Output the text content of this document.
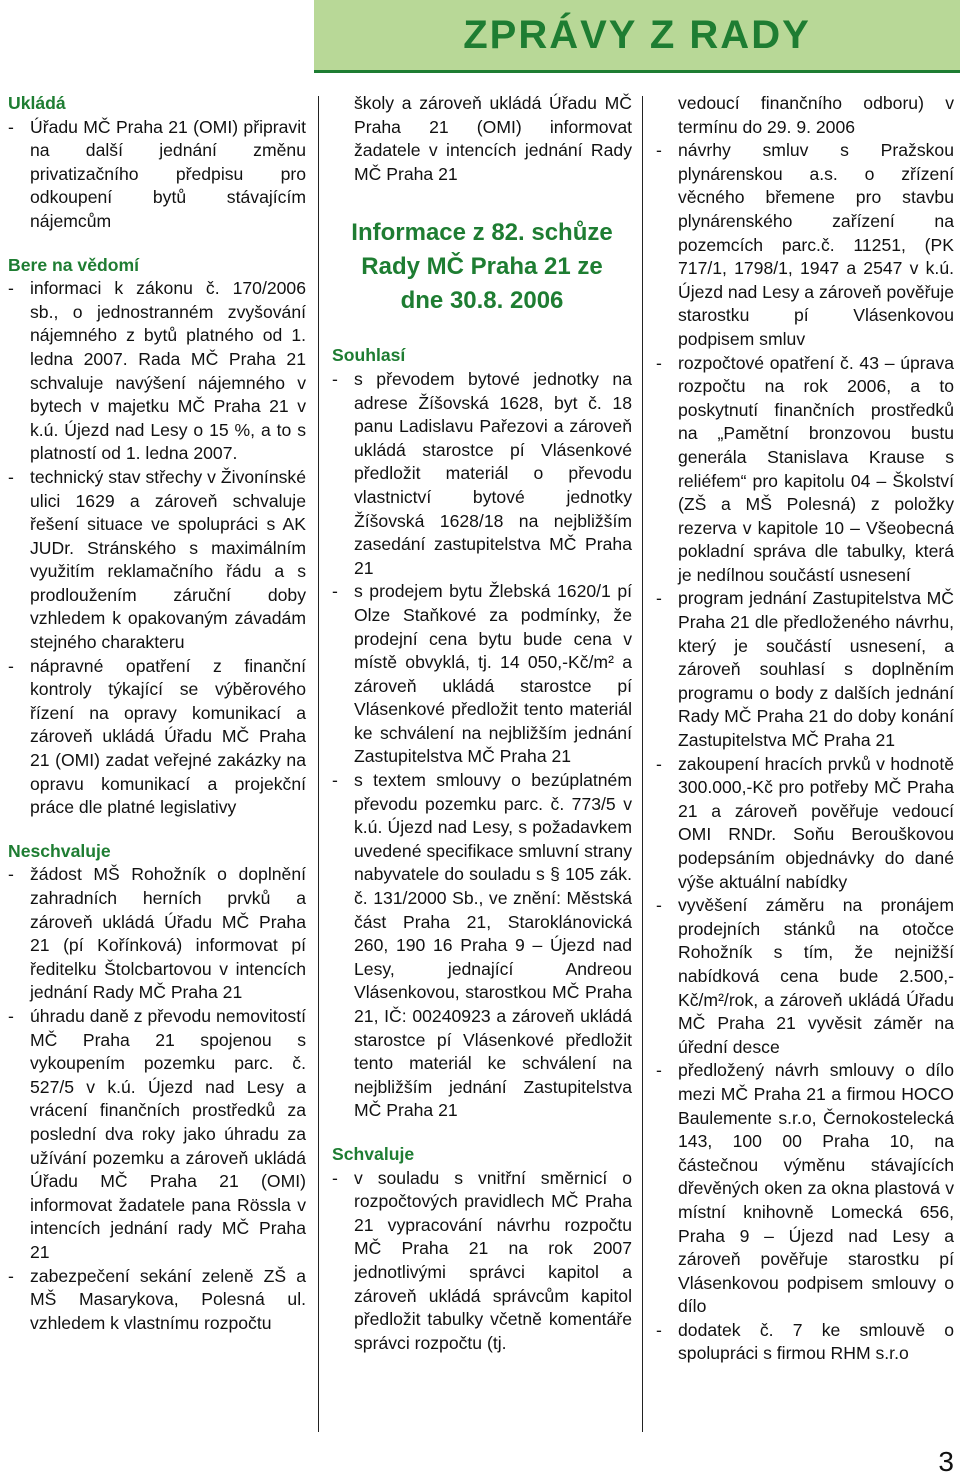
ZPRÁVY Z RADY

Ukládá

- Úřadu MČ Praha 21 (OMI) připravit na další jednání změnu privatizačního předpisu pro odkoupení bytů stávajícím nájemcům

Bere na vědomí

- informaci k zákonu č. 170/2006 sb., o jednostranném zvyšování nájemného z bytů platného od 1. ledna 2007. Rada MČ Praha 21 schvaluje navýšení nájemného v bytech v majetku MČ Praha 21 v k.ú. Újezd nad Lesy o 15 %, a to s platností od 1. ledna 2007.

- technický stav střechy v Živonínské ulici 1629 a zároveň schvaluje řešení situace ve spolupráci s AK JUDr. Stránského s maximálním využitím reklamačního řádu a s prodloužením záruční doby vzhledem k opakovaným závadám stejného charakteru

- nápravné opatření z finanční kontroly týkající se výběrového řízení na opravy komunikací a zároveň ukládá Úřadu MČ Praha 21 (OMI) zadat veřejné zakázky na opravu komunikací a projekční práce dle platné legislativy

Neschvaluje

- žádost MŠ Rohožník o doplnění zahradních herních prvků a zároveň ukládá Úřadu MČ Praha 21 (pí Kořínková) informovat pí ředitelku Štolcbartovou v intencích jednání Rady MČ Praha 21

- úhradu daně z převodu nemovitostí MČ Praha 21 spojenou s vykoupením pozemku parc. č. 527/5 v k.ú. Újezd nad Lesy a vrácení finančních prostředků za poslední dva roky jako úhradu za užívání pozemku a zároveň ukládá Úřadu MČ Praha 21 (OMI) informovat žadatele pana Rössla v intencích jednání rady MČ Praha 21

- zabezpečení sekání zeleně ZŠ a MŠ Masarykova, Polesná ul. vzhledem k vlastnímu rozpočtu

školy a zároveň ukládá Úřadu MČ Praha 21 (OMI) informovat žadatele v intencích jednání Rady MČ Praha 21

Informace z 82. schůze
Rady MČ Praha 21 ze
dne 30.8. 2006

Souhlasí

- s převodem bytové jednotky na adrese Žíšovská 1628, byt č. 18 panu Ladislavu Pařezovi a zároveň ukládá starostce pí Vlásenkové předložit materiál o převodu vlastnictví bytové jednotky Žíšovská 1628/18 na nejbližším zasedání zastupitelstva MČ Praha 21

- s prodejem bytu Žlebská 1620/1 pí Olze Staňkové za podmínky, že prodejní cena bytu bude cena v místě obvyklá, tj. 14 050,-Kč/m² a zároveň ukládá starostce pí Vlásenkové předložit tento materiál ke schválení na nejbližším jednání Zastupitelstva MČ Praha 21

- s textem smlouvy o bezúplatném převodu pozemku parc. č. 773/5 v k.ú. Újezd nad Lesy, s požadavkem uvedené specifikace smluvní strany nabyvatele do souladu s § 105 zák. č. 131/2000 Sb., ve znění: Městská část Praha 21, Staroklánovická 260, 190 16 Praha 9 – Újezd nad Lesy, jednající Andreou Vlásenkovou, starostkou MČ Praha 21, IČ: 00240923 a zároveň ukládá starostce pí Vlásenkové předložit tento materiál ke schválení na nejbližším jednání Zastupitelstva MČ Praha 21

Schvaluje

- v souladu s vnitřní směrnicí o rozpočtových pravidlech MČ Praha 21 vypracování návrhu rozpočtu MČ Praha 21 na rok 2007 jednotlivými správci kapitol a zároveň ukládá správcům kapitol předložit tabulky včetně komentáře správci rozpočtu (tj.

vedoucí finančního odboru) v termínu do 29. 9. 2006

- návrhy smluv s Pražskou plynárenskou a.s. o zřízení věcného břemene pro stavbu plynárenského zařízení na pozemcích parc.č. 11251, (PK 717/1, 1798/1, 1947 a 2547 v k.ú. Újezd nad Lesy a zároveň pověřuje starostku pí Vlásenkovou podpisem smluv

- rozpočtové opatření č. 43 – úprava rozpočtu na rok 2006, a to poskytnutí finančních prostředků na „Pamětní bronzovou bustu generála Stanislava Krause s reliéfem“ pro kapitolu 04 – Školství (ZŠ a MŠ Polesná) z položky rezerva v kapitole 10 – Všeobecná pokladní správa dle tabulky, která je nedílnou součástí usnesení

- program jednání Zastupitelstva MČ Praha 21 dle předloženého návrhu, který je součástí usnesení, a zároveň souhlasí s doplněním programu o body z dalších jednání Rady MČ Praha 21 do doby konání Zastupitelstva MČ Praha 21

- zakoupení hracích prvků v hodnotě 300.000,-Kč pro potřeby MČ Praha 21 a zároveň pověřuje vedoucí OMI RNDr. Soňu Berouškovou podepsáním objednávky do dané výše aktuální nabídky

- vyvěšení záměru na pronájem prodejních stánků na otočce Rohožník s tím, že nejnižší nabídková cena bude 2.500,-Kč/m²/rok, a zároveň ukládá Úřadu MČ Praha 21 vyvěsit záměr na úřední desce

- předložený návrh smlouvy o dílo mezi MČ Praha 21 a firmou HOCO Baulemente s.r.o, Černokostelecká 143, 100 00 Praha 10, na částečnou výměnu stávajících dřevěných oken za okna plastová v místní knihovně Lomecká 656, Praha 9 – Újezd nad Lesy a zároveň pověřuje starostku pí Vlásenkovou podpisem smlouvy o dílo

- dodatek č. 7 ke smlouvě o spolupráci s firmou RHM s.r.o

3
